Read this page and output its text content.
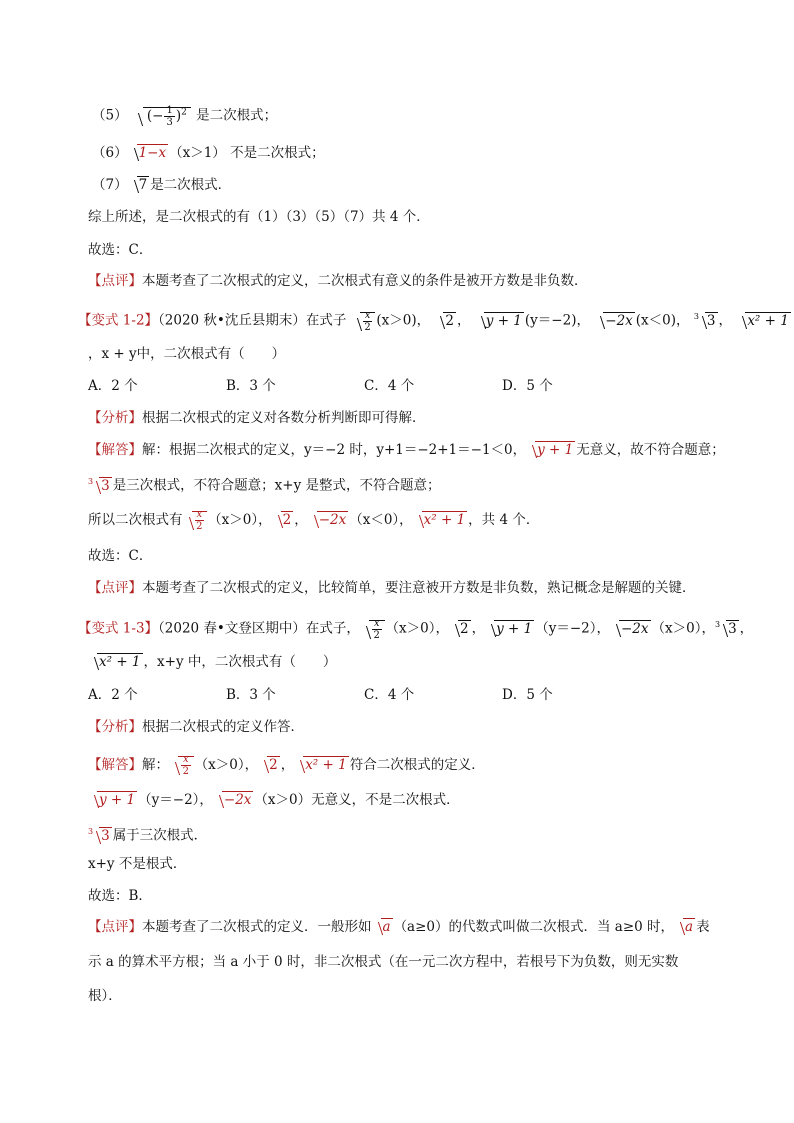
（5） (− $\frac{1}{3} )^2$ 是二次根式；
（6） 1−x （x＞1） 不是二次根式；
（7） 7 是二次根式．
综上所述，是二次根式的有（1）（3）（5）（7）共 4 个．
故选：C．
【点评】本题考查了二次根式的定义，二次根式有意义的条件是被开方数是非负数．
【变式 1-2】（2020 秋•沈丘县期末）在式子 $\frac{x}{2} (x>0)$， 2 ， y + 1 (y＝−2)， −2x (x＜0)， $^3$ 3 ， x² + 1
，x + y中，二次根式有（　　）
A．2 个	B．3 个	C．4 个	D．5 个
【分析】根据二次根式的定义对各数分析判断即可得解．
【解答】解：根据二次根式的定义，y＝−2 时，y+1＝−2+1＝−1＜0， y + 1 无意义，故不符合题意；
$^3$ 3 是三次根式，不符合题意；x+y 是整式，不符合题意；
所以二次根式有 $\frac{x}{2} (x>0)$， 2 ， −2x （x＜0）， x² + 1 ，共 4 个．
故选：C．
【点评】本题考查了二次根式的定义，比较简单，要注意被开方数是非负数，熟记概念是解题的关键．
【变式 1-3】（2020 春•文登区期中）在式子， $\frac{x}{2} (x>0)$， 2 ， y + 1 （y＝−2）， −2x （x＞0），$^3$ 3 ，
x² + 1 ，x+y 中，二次根式有（　　）
A．2 个	B．3 个	C．4 个	D．5 个
【分析】根据二次根式的定义作答．
【解答】解： $\frac{x}{2} (x>0)$， 2 ， x² + 1 符合二次根式的定义．
y + 1 （y＝−2）， −2x （x＞0）无意义，不是二次根式．
$^3$ 3 属于三次根式．
x+y 不是根式．
故选：B．
【点评】本题考查了二次根式的定义．一般形如 a （a≥0）的代数式叫做二次根式．当 a≥0 时， a 表
示 a 的算术平方根；当 a 小于 0 时，非二次根式（在一元二次方程中，若根号下为负数，则无实数
根）．
